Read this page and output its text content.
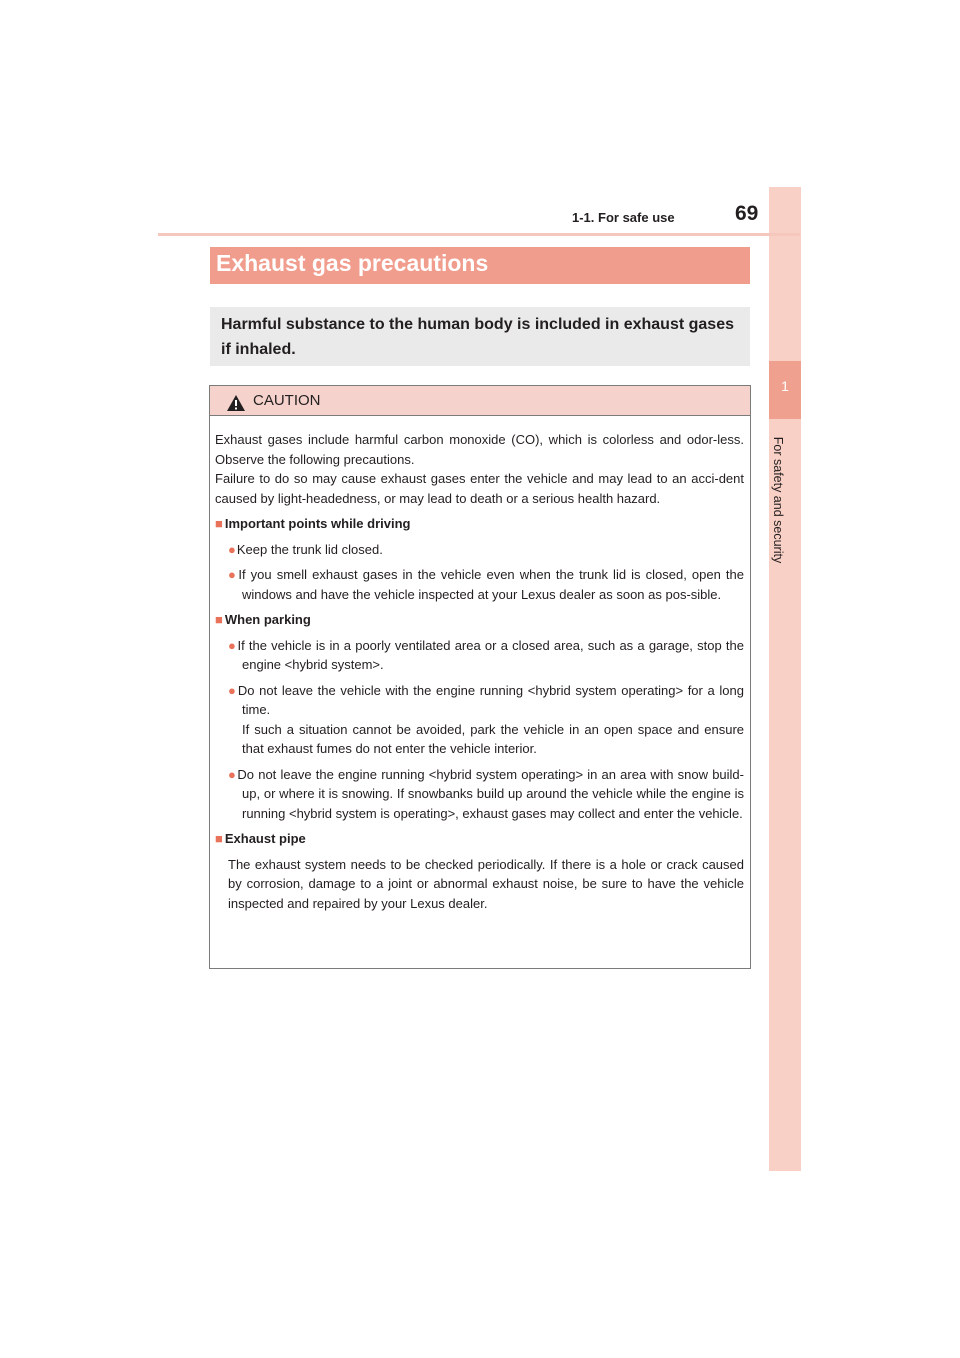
1
For safety and security
1-1. For safe use	69
Exhaust gas precautions
Harmful substance to the human body is included in exhaust gases if inhaled.
CAUTION

Exhaust gases include harmful carbon monoxide (CO), which is colorless and odor-less. Observe the following precautions.

Failure to do so may cause exhaust gases enter the vehicle and may lead to an acci-dent caused by light-headedness, or may lead to death or a serious health hazard.

■ Important points while driving

●Keep the trunk lid closed.

●If you smell exhaust gases in the vehicle even when the trunk lid is closed, open the windows and have the vehicle inspected at your Lexus dealer as soon as pos-sible.

■ When parking

●If the vehicle is in a poorly ventilated area or a closed area, such as a garage, stop the engine <hybrid system>.

●Do not leave the vehicle with the engine running <hybrid system operating> for a long time.
If such a situation cannot be avoided, park the vehicle in an open space and ensure that exhaust fumes do not enter the vehicle interior.

●Do not leave the engine running <hybrid system operating> in an area with snow build-up, or where it is snowing. If snowbanks build up around the vehicle while the engine is running <hybrid system is operating>, exhaust gases may collect and enter the vehicle.

■ Exhaust pipe

The exhaust system needs to be checked periodically. If there is a hole or crack caused by corrosion, damage to a joint or abnormal exhaust noise, be sure to have the vehicle inspected and repaired by your Lexus dealer.
